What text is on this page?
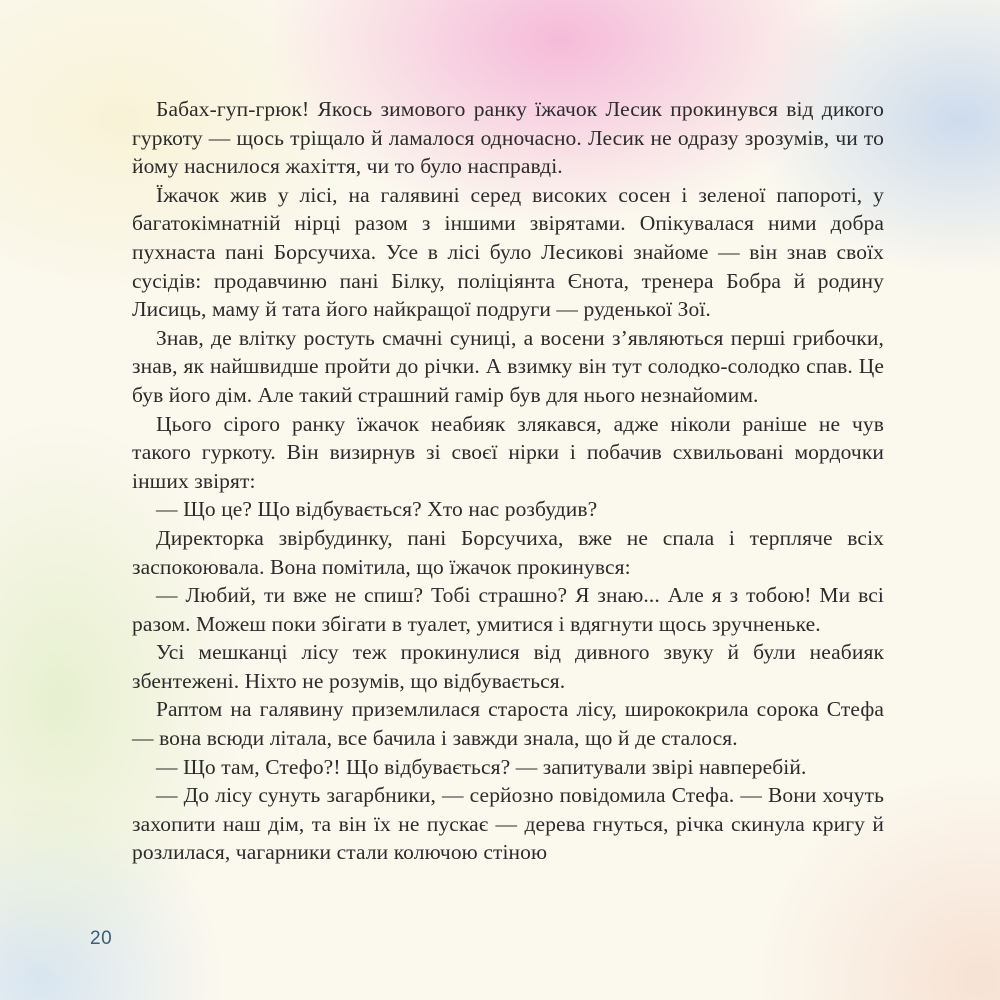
Бабах-гуп-грюк! Якось зимового ранку їжачок Лесик прокинувся від дикого гуркоту — щось тріщало й ламалося одночасно. Лесик не одразу зрозумів, чи то йому наснилося жахіття, чи то було насправді.

Їжачок жив у лісі, на галявині серед високих сосен і зеленої папороті, у багатокімнатній нірці разом з іншими звірятами. Опікувалася ними добра пухнаста пані Борсучиха. Усе в лісі було Лесикові знайоме — він знав своїх сусідів: продавчиню пані Білку, поліціянта Єнота, тренера Бобра й родину Лисиць, маму й тата його найкращої подруги — руденької Зої.

Знав, де влітку ростуть смачні суниці, а восени з’являються перші грибочки, знав, як найшвидше пройти до річки. А взимку він тут солодко-солодко спав. Це був його дім. Але такий страшний гамір був для нього незнайомим.

Цього сірого ранку їжачок неабияк злякався, адже ніколи раніше не чув такого гуркоту. Він визирнув зі своєї нірки і побачив схвильовані мордочки інших звірят:

— Що це? Що відбувається? Хто нас розбудив?

Директорка звірбудинку, пані Борсучиха, вже не спала і терпляче всіх заспокоювала. Вона помітила, що їжачок прокинувся:

— Любий, ти вже не спиш? Тобі страшно? Я знаю... Але я з тобою! Ми всі разом. Можеш поки збігати в туалет, умитися і вдягнути щось зручненьке.

Усі мешканці лісу теж прокинулися від дивного звуку й були неабияк збентежені. Ніхто не розумів, що відбувається.

Раптом на галявину приземлилася староста лісу, ширококрила сорока Стефа — вона всюди літала, все бачила і завжди знала, що й де сталося.

— Що там, Стефо?! Що відбувається? — запитували звірі навперебій.

— До лісу сунуть загарбники, — серйозно повідомила Стефа. — Вони хочуть захопити наш дім, та він їх не пускає — дерева гнуться, річка скинула кригу й розлилася, чагарники стали колючою стіною

20
